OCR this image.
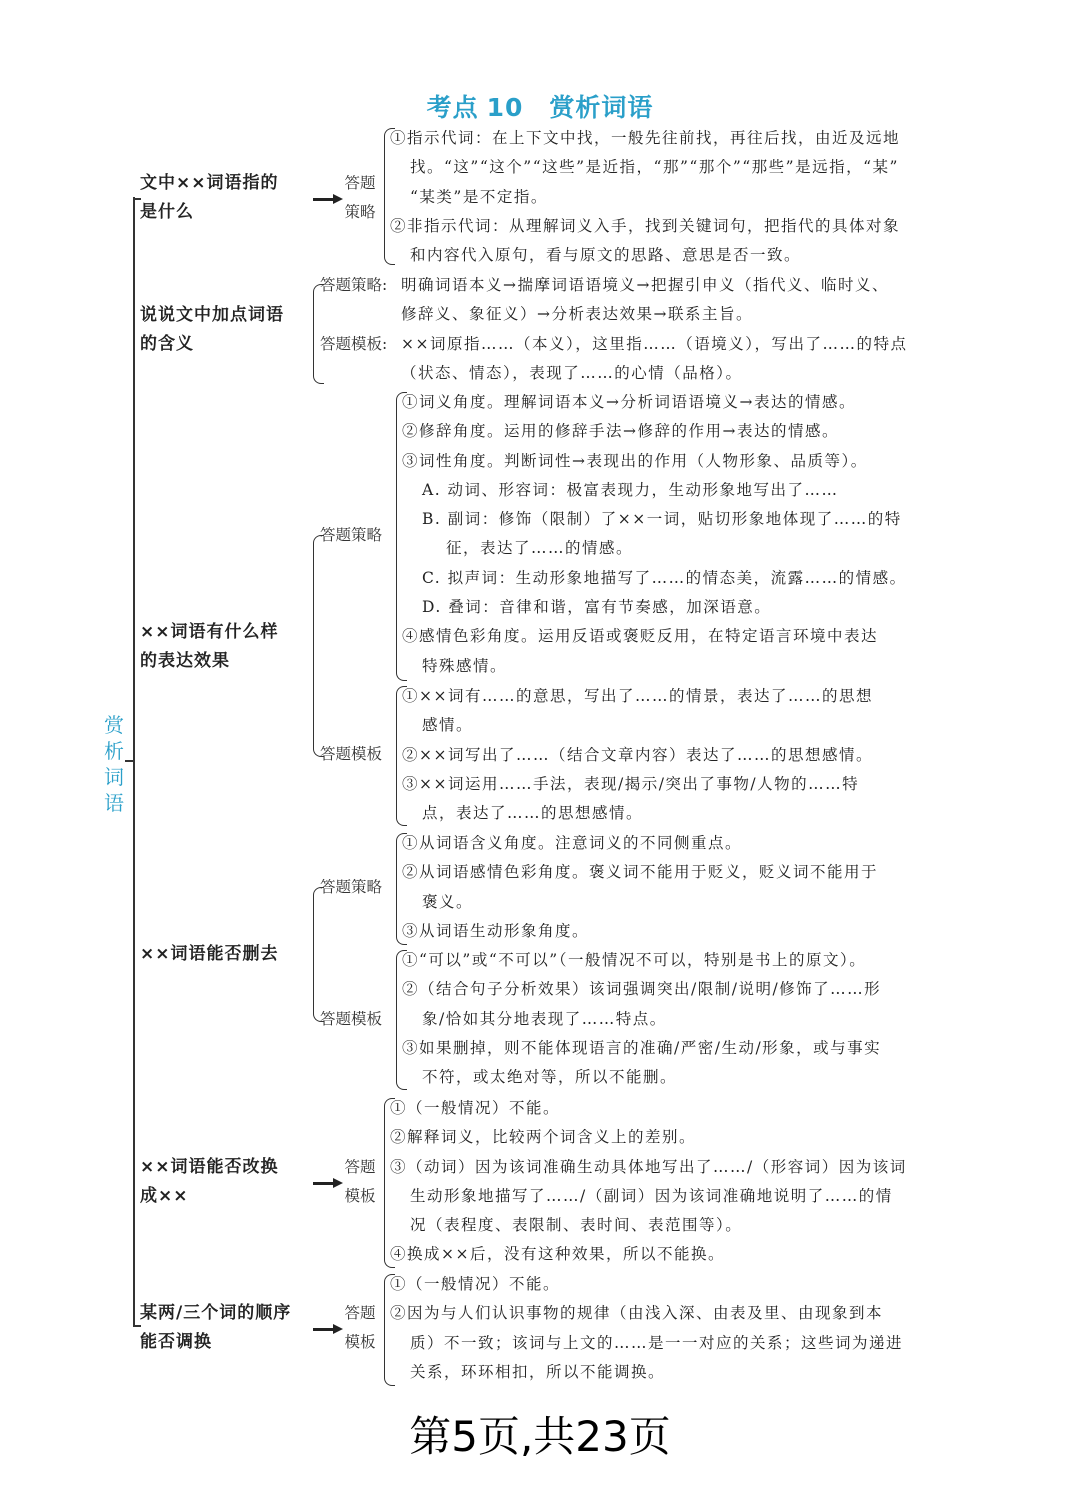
考点 10 赏析词语
赏
析
词
语
文中××词语指的
是什么
答题
策略
①指示代词：在上下文中找，一般先往前找，再往后找，由近及远地
找。“这”“这个”“这些”是近指，“那”“那个”“那些”是远指，“某”
“某类”是不定指。
②非指示代词：从理解词义入手，找到关键词句，把指代的具体对象
和内容代入原句，看与原文的思路、意思是否一致。
说说文中加点词语
的含义
答题策略: 明确词语本义→揣摩词语语境义→把握引申义（指代义、临时义、
修辞义、象征义）→分析表达效果→联系主旨。
答题模板: ××词原指……（本义），这里指……（语境义），写出了……的特点
（状态、情态），表现了……的心情（品格）。
××词语有什么样
的表达效果
答题策略
①词义角度。理解词语本义→分析词语语境义→表达的情感。
②修辞角度。运用的修辞手法→修辞的作用→表达的情感。
③词性角度。判断词性→表现出的作用（人物形象、品质等）。
A. 动词、形容词：极富表现力，生动形象地写出了……
B. 副词：修饰（限制）了××一词，贴切形象地体现了……的特
征，表达了……的情感。
C. 拟声词：生动形象地描写了……的情态美，流露……的情感。
D. 叠词：音律和谐，富有节奏感，加深语意。
④感情色彩角度。运用反语或褒贬反用，在特定语言环境中表达
特殊感情。
答题模板
①××词有……的意思，写出了……的情景，表达了……的思想
感情。
②××词写出了……（结合文章内容）表达了……的思想感情。
③××词运用……手法，表现/揭示/突出了事物/人物的……特
点，表达了……的思想感情。
××词语能否删去
答题策略
①从词语含义角度。注意词义的不同侧重点。
②从词语感情色彩角度。褒义词不能用于贬义，贬义词不能用于
褒义。
③从词语生动形象角度。
答题模板
①“可以”或“不可以”（一般情况不可以，特别是书上的原文）。
②（结合句子分析效果）该词强调突出/限制/说明/修饰了……形
象/恰如其分地表现了……特点。
③如果删掉，则不能体现语言的准确/严密/生动/形象，或与事实
不符，或太绝对等，所以不能删。
××词语能否改换
成××
答题
模板
①（一般情况）不能。
②解释词义，比较两个词含义上的差别。
③（动词）因为该词准确生动具体地写出了……/（形容词）因为该词
生动形象地描写了……/（副词）因为该词准确地说明了……的情
况（表程度、表限制、表时间、表范围等）。
④换成××后，没有这种效果，所以不能换。
某两/三个词的顺序
能否调换
答题
模板
①（一般情况）不能。
②因为与人们认识事物的规律（由浅入深、由表及里、由现象到本
质）不一致；该词与上文的……是一一对应的关系；这些词为递进
关系，环环相扣，所以不能调换。
第5页,共23页
